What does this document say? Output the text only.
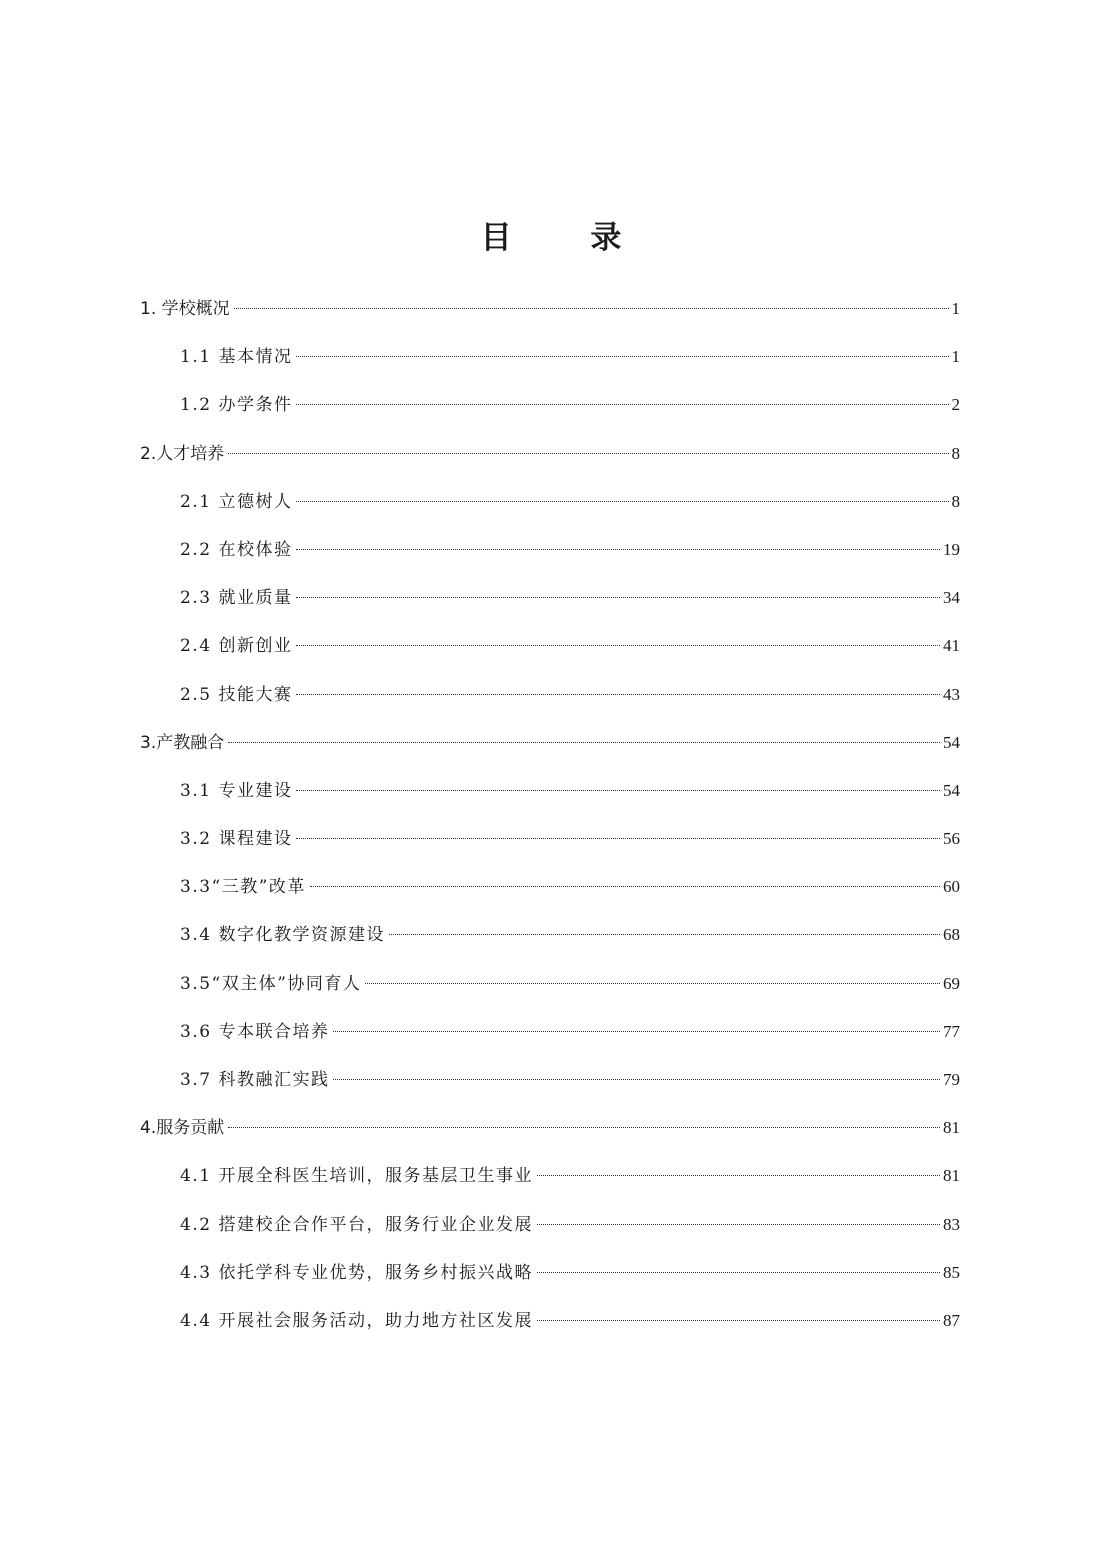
目 录
1. 学校概况	1
1.1 基本情况	1
1.2 办学条件	2
2.人才培养	8
2.1 立德树人	8
2.2 在校体验	19
2.3 就业质量	34
2.4 创新创业	41
2.5 技能大赛	43
3.产教融合	54
3.1 专业建设	54
3.2 课程建设	56
3.3“三教”改革	60
3.4 数字化教学资源建设	68
3.5“双主体”协同育人	69
3.6 专本联合培养	77
3.7 科教融汇实践	79
4.服务贡献	81
4.1 开展全科医生培训，服务基层卫生事业	81
4.2 搭建校企合作平台，服务行业企业发展	83
4.3 依托学科专业优势，服务乡村振兴战略	85
4.4 开展社会服务活动，助力地方社区发展	87
